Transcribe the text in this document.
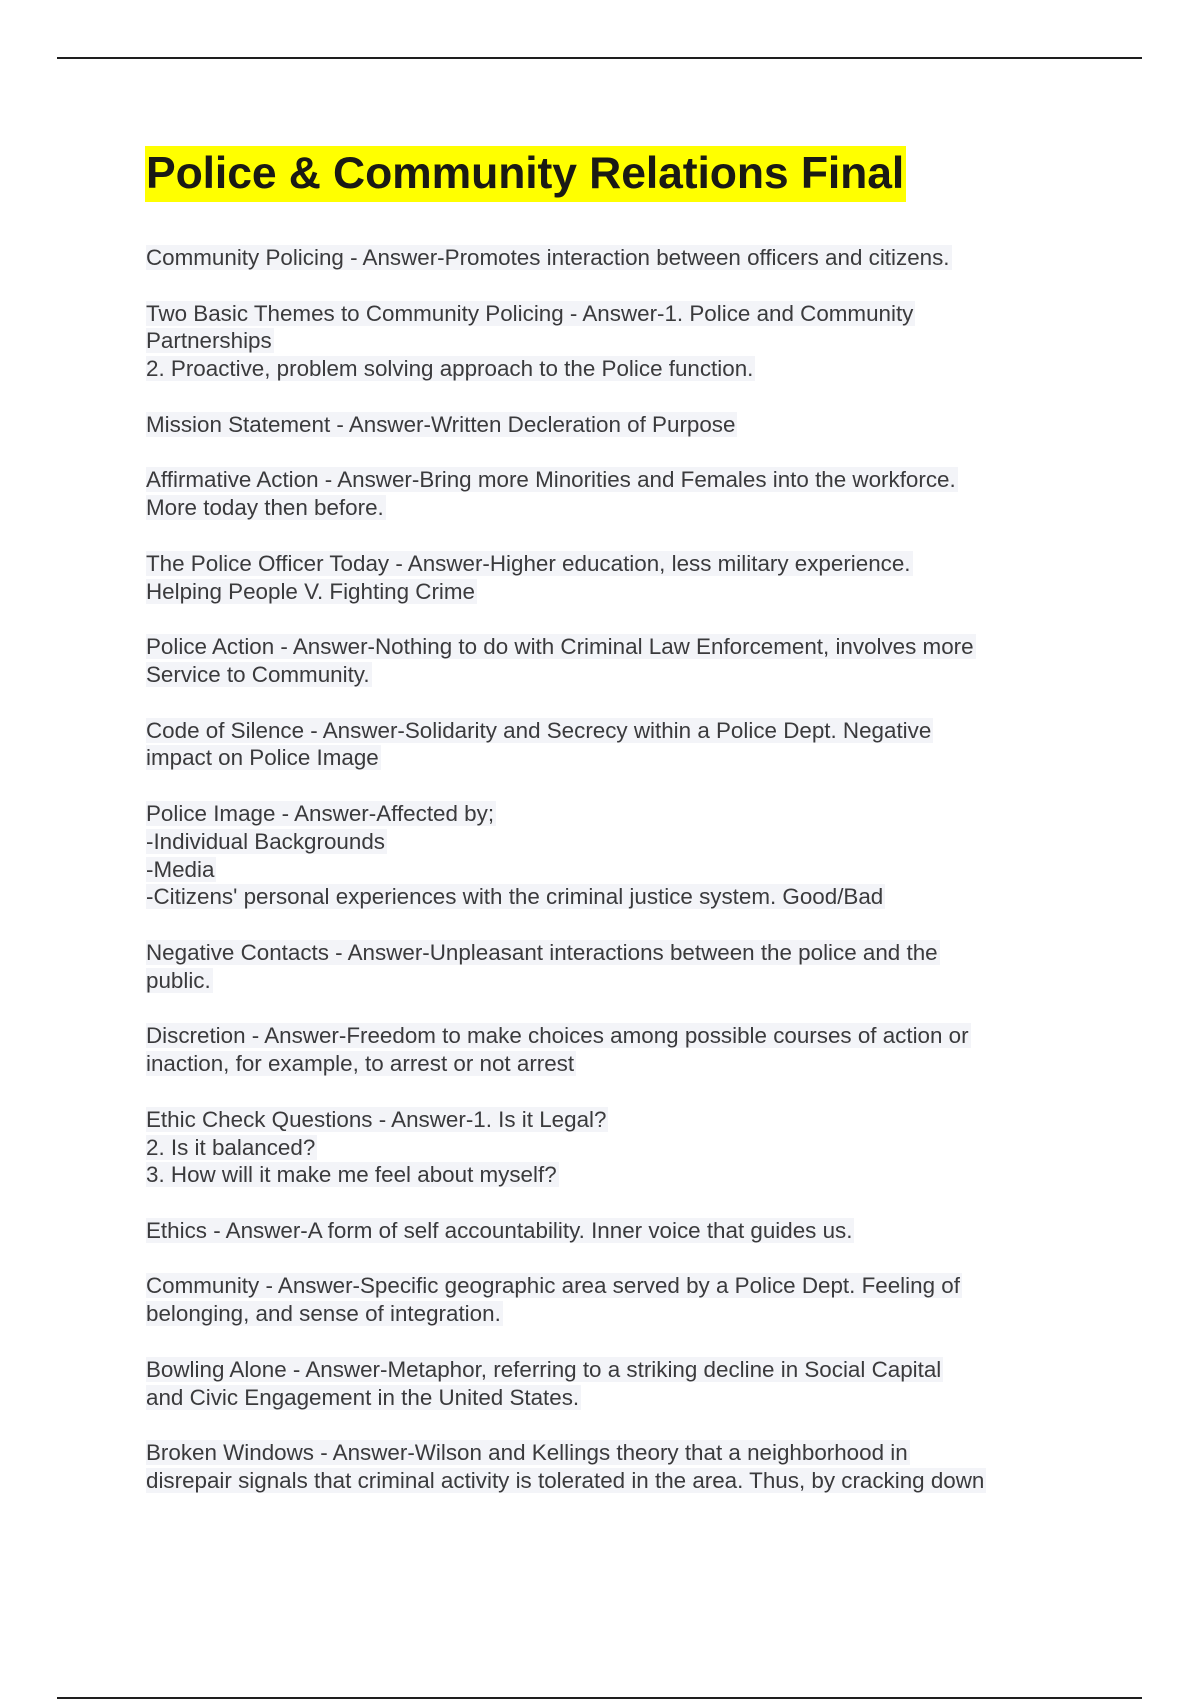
Police & Community Relations Final
Community Policing - Answer-Promotes interaction between officers and citizens.
Two Basic Themes to Community Policing - Answer-1. Police and Community
Partnerships
2. Proactive, problem solving approach to the Police function.
Mission Statement - Answer-Written Decleration of Purpose
Affirmative Action - Answer-Bring more Minorities and Females into the workforce.
More today then before.
The Police Officer Today - Answer-Higher education, less military experience.
Helping People V. Fighting Crime
Police Action - Answer-Nothing to do with Criminal Law Enforcement, involves more
Service to Community.
Code of Silence - Answer-Solidarity and Secrecy within a Police Dept. Negative
impact on Police Image
Police Image - Answer-Affected by;
-Individual Backgrounds
-Media
-Citizens' personal experiences with the criminal justice system. Good/Bad
Negative Contacts - Answer-Unpleasant interactions between the police and the
public.
Discretion - Answer-Freedom to make choices among possible courses of action or
inaction, for example, to arrest or not arrest
Ethic Check Questions - Answer-1. Is it Legal?
2. Is it balanced?
3. How will it make me feel about myself?
Ethics - Answer-A form of self accountability. Inner voice that guides us.
Community - Answer-Specific geographic area served by a Police Dept. Feeling of
belonging, and sense of integration.
Bowling Alone - Answer-Metaphor, referring to a striking decline in Social Capital
and Civic Engagement in the United States.
Broken Windows - Answer-Wilson and Kellings theory that a neighborhood in
disrepair signals that criminal activity is tolerated in the area. Thus, by cracking down
